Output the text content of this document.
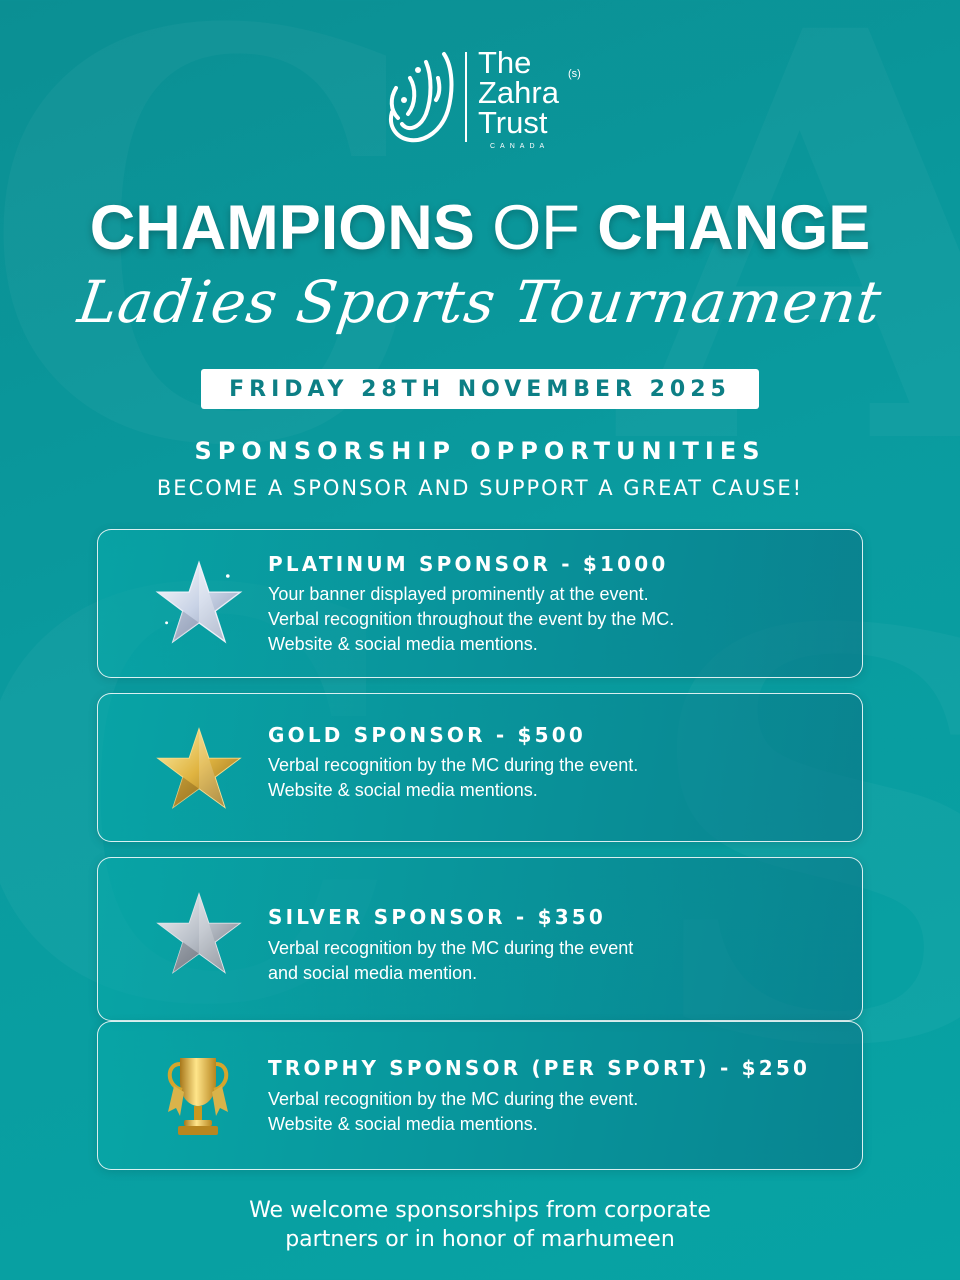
The
Zahra
Trust
(s)
CANADA
CHAMPIONS OF CHANGE
Ladies Sports Tournament
FRIDAY 28TH NOVEMBER 2025
SPONSORSHIP OPPORTUNITIES
BECOME A SPONSOR AND SUPPORT A GREAT CAUSE!
PLATINUM SPONSOR - $1000
Your banner displayed prominently at the event.
Verbal recognition throughout the event by the MC.
Website & social media mentions.
GOLD SPONSOR - $500
Verbal recognition by the MC during the event.
Website & social media mentions.
SILVER SPONSOR - $350
Verbal recognition by the MC during the event
and social media mention.
TROPHY SPONSOR (PER SPORT) - $250
Verbal recognition by the MC during the event.
Website & social media mentions.
We welcome sponsorships from corporate
partners or in honor of marhumeen
